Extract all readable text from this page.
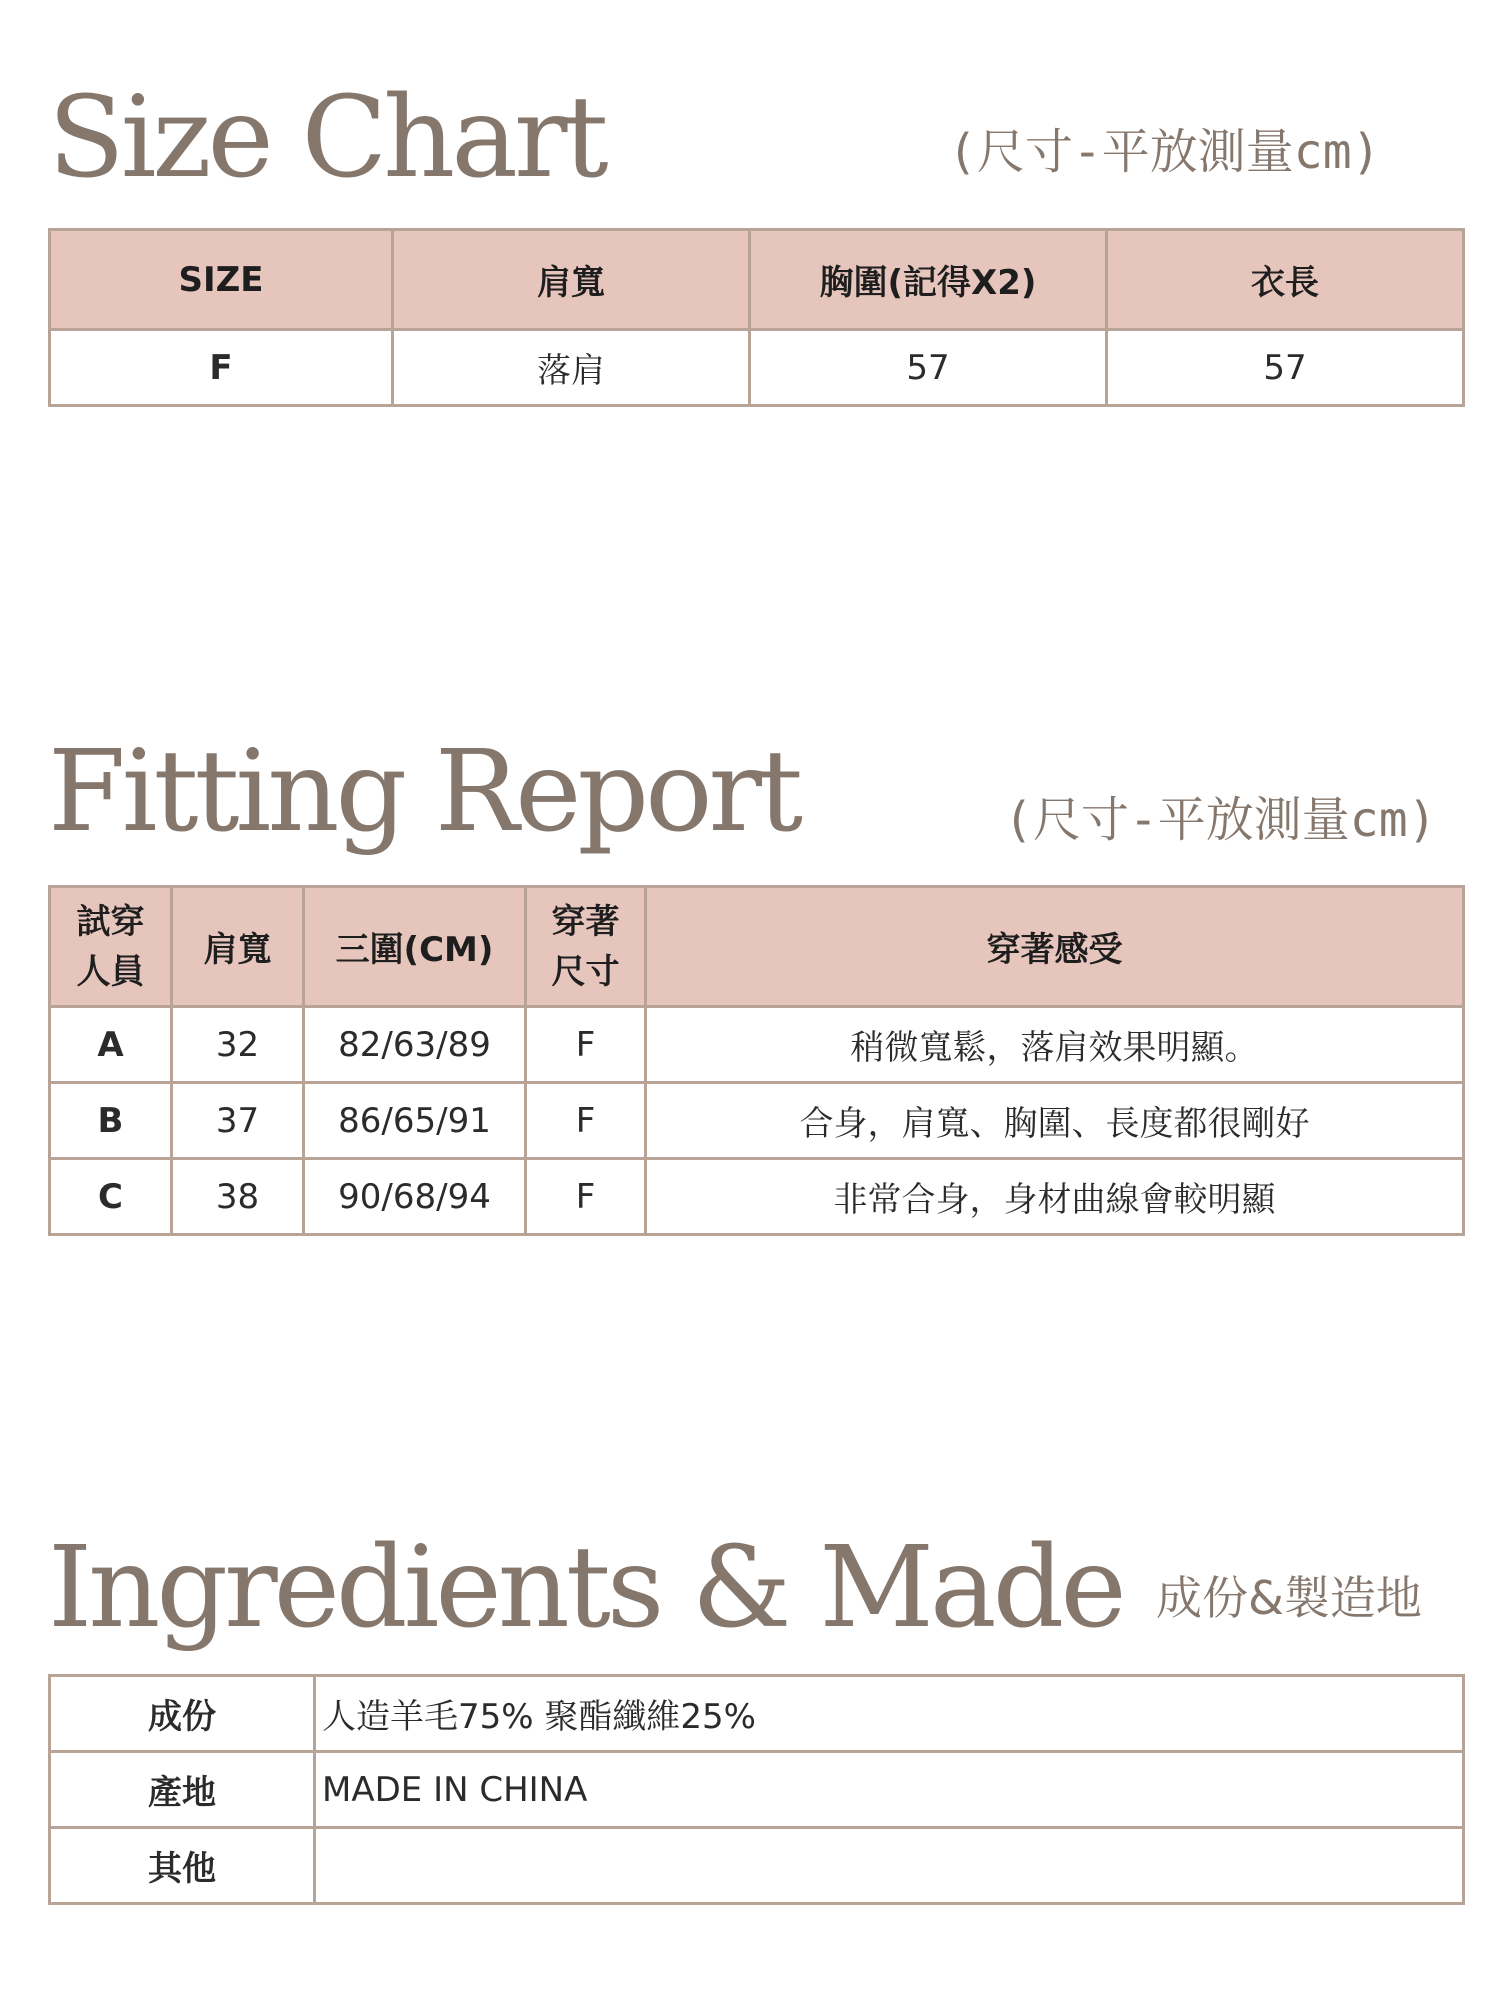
Size Chart	(尺寸-平放測量cm)
SIZE	肩寬	胸圍(記得X2)	衣長
F	落肩	57	57
Fitting Report	(尺寸-平放測量cm)
試穿人員	肩寬	三圍(CM)	穿著尺寸	穿著感受
A	32	82/63/89	F	稍微寬鬆，落肩效果明顯。
B	37	86/65/91	F	合身，肩寬、胸圍、長度都很剛好
C	38	90/68/94	F	非常合身，身材曲線會較明顯
Ingredients & Made 成份&製造地
成份	人造羊毛75% 聚酯纖維25%
產地	MADE IN CHINA
其他	
